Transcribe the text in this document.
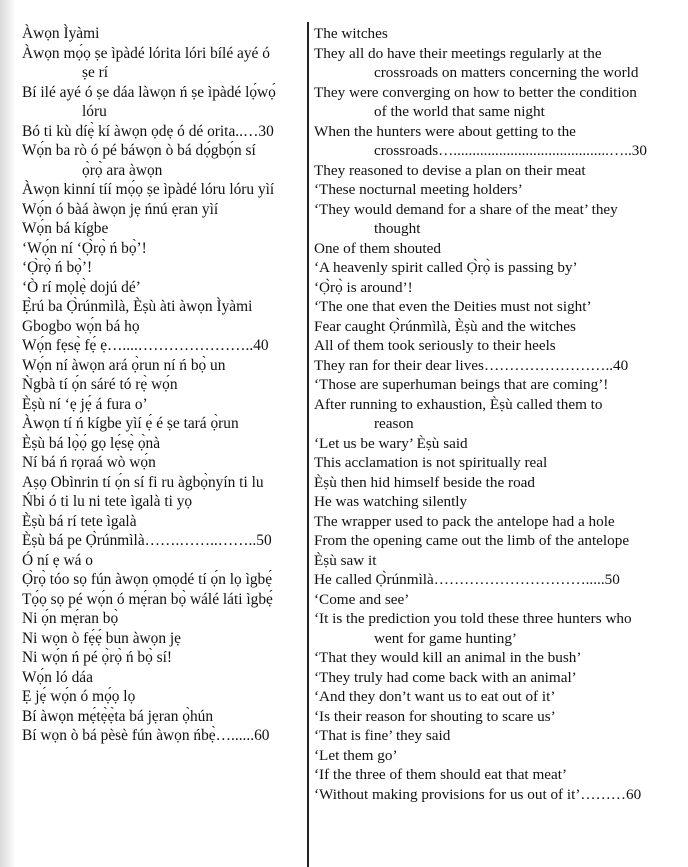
Àwọn Ìyàmi
Àwọn mọ́ọ ṣe ìpàdé lórita lóri bílé ayé ó
ṣe rí
Bí ilé ayé ó ṣe dáa làwọn ń ṣe ìpàdé lọ́wọ́
lóru
Bó ti kù díẹ̀ kí àwọn ọdẹ ó dé orita..…30
Wọ́n ba rò ó pé báwọn ò bá dọ́gbọ́n sí
ọ̀rọ̀ ara àwọn
Àwọn kinní tíí mọ́ọ ṣe ìpàdé lóru lóru yìí
Wọ́n ó bàá àwọn jẹ ńnú ẹran yìí
Wọ́n bá kígbe
‘Wọ́n ní ‘Ọ̀rọ̀ ń bọ̀’!
‘Ọ̀rọ̀ ń bọ̀’!
‘Ò rí mọlẹ̀ dojú dé’
Ẹ̀rú ba Ọ̀rúnmìlà, Èṣù àti àwọn Ìyàmi
Gbogbo wọ́n bá họ
Wọ́n fẹsẹ̀ fẹ́ ẹ…....…………………..40
Wọ́n ní àwọn ará ọ̀run ní ń bọ̀ un
Ǹgbà tí ọ́n sáré tó rẹ̀ wọ́n
Èṣù ní ‘ẹ jẹ́ á fura o’
Àwọn tí ń kígbe yìí ẹ́ é ṣe tará ọ̀run
Èṣù bá lọ̀ọ́ gọ lẹ́sẹ̀ ọ̀nà
Ní bá ń rọraá wò wọ́n
Aṣọ Obìnrin tí ọ́n sí fi ru àgbọ̀nyín ti lu
Ńbi ó ti lu ni tete ìgalà ti yọ
Èṣù bá rí tete ìgalà
Èṣù bá pe Ọ̀rúnmìlà…….……..……..50
Ó ní ẹ wá o
Ọ̀rọ̀ tóo sọ fún àwọn ọmọdé tí ọ́n lọ ìgbẹ́
Tọ́ọ sọ pé wọ́n ó mẹ́ran bọ̀ wálé láti ìgbẹ́
Ni ọ́n mẹ́ran bọ̀
Ni wọn ò fẹ́ẹ́ bun àwọn jẹ
Ni wọ́n ń pé ọ̀rọ̀ ń bọ̀ sí!
Wọ́n ló dáa
Ẹ jẹ́ wọ́n ó mọ́ọ lọ
Bí àwọn mẹ́tẹ̀ẹ̀ta bá jẹran ọ̀hún
Bí wọn ò bá pèsè fún àwọn ńbẹ̀…......60
The witches
They all do have their meetings regularly at the
crossroads on matters concerning the world
They were converging on how to better the condition
of the world that same night
When the hunters were about getting to the
crossroads….........................................…..30
They reasoned to devise a plan on their meat
‘These nocturnal meeting holders’
‘They would demand for a share of the meat’ they
thought
One of them shouted
‘A heavenly spirit called Ọ̀rọ̀ is passing by’
‘Ọ̀rọ̀ is around’!
‘The one that even the Deities must not sight’
Fear caught Ọ̀rúnmìlà, Èṣù and the witches
All of them took seriously to their heels
They ran for their dear lives……………………..40
‘Those are superhuman beings that are coming’!
After running to exhaustion, Èṣù called them to
reason
‘Let us be wary’ Èṣù said
This acclamation is not spiritually real
Èṣù then hid himself beside the road
He was watching silently
The wrapper used to pack the antelope had a hole
From the opening came out the limb of the antelope
Èṣù saw it
He called Ọ̀rúnmìlà………………………….....50
‘Come and see’
‘It is the prediction you told these three hunters who
went for game hunting’
‘That they would kill an animal in the bush’
‘They truly had come back with an animal’
‘And they don’t want us to eat out of it’
‘Is their reason for shouting to scare us’
‘That is fine’ they said
‘Let them go’
‘If the three of them should eat that meat’
‘Without making provisions for us out of it’………60
